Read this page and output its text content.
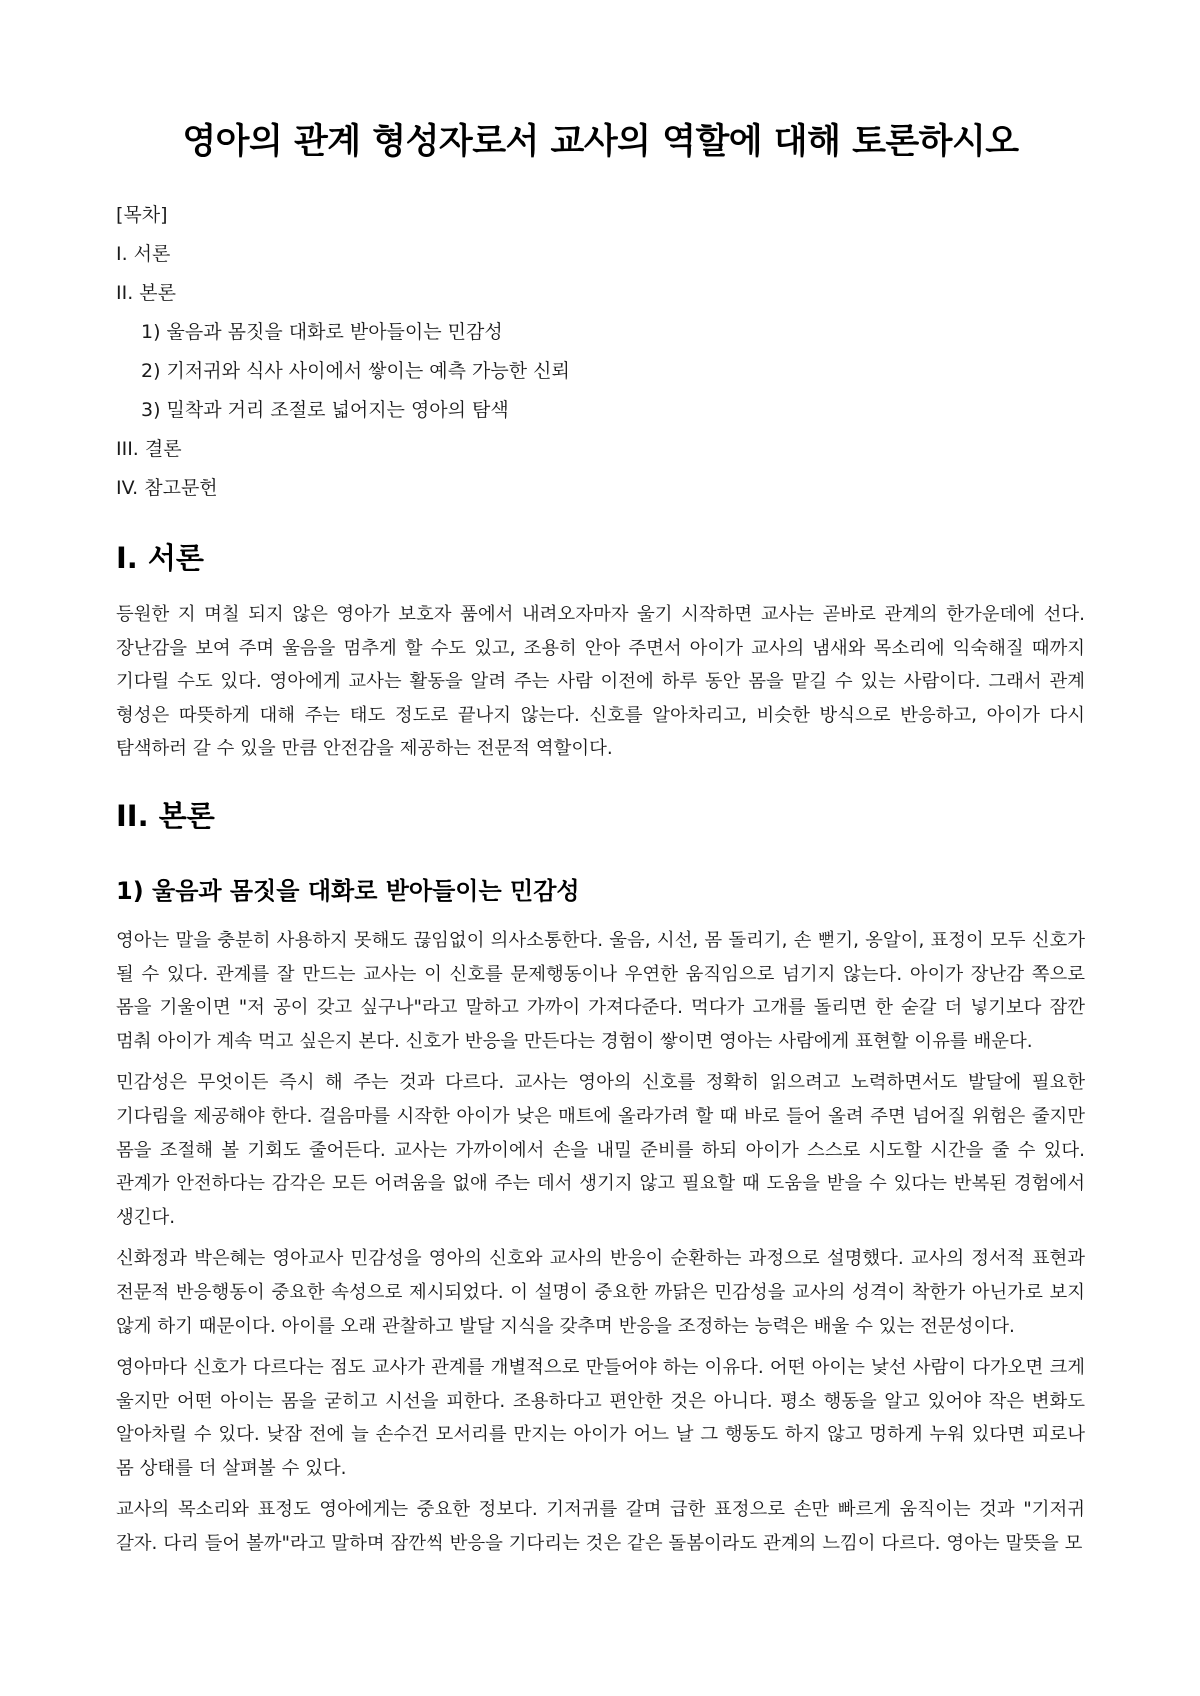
영아의 관계 형성자로서 교사의 역할에 대해 토론하시오
[목차]
I. 서론
II. 본론
1) 울음과 몸짓을 대화로 받아들이는 민감성
2) 기저귀와 식사 사이에서 쌓이는 예측 가능한 신뢰
3) 밀착과 거리 조절로 넓어지는 영아의 탐색
III. 결론
IV. 참고문헌
I. 서론

등원한 지 며칠 되지 않은 영아가 보호자 품에서 내려오자마자 울기 시작하면 교사는 곧바로 관계의 한가운데에 선다. 장난감을 보여 주며 울음을 멈추게 할 수도 있고, 조용히 안아 주면서 아이가 교사의 냄새와 목소리에 익숙해질 때까지 기다릴 수도 있다. 영아에게 교사는 활동을 알려 주는 사람 이전에 하루 동안 몸을 맡길 수 있는 사람이다. 그래서 관계 형성은 따뜻하게 대해 주는 태도 정도로 끝나지 않는다. 신호를 알아차리고, 비슷한 방식으로 반응하고, 아이가 다시 탐색하러 갈 수 있을 만큼 안전감을 제공하는 전문적 역할이다.

II. 본론
1) 울음과 몸짓을 대화로 받아들이는 민감성

영아는 말을 충분히 사용하지 못해도 끊임없이 의사소통한다. 울음, 시선, 몸 돌리기, 손 뻗기, 옹알이, 표정이 모두 신호가 될 수 있다. 관계를 잘 만드는 교사는 이 신호를 문제행동이나 우연한 움직임으로 넘기지 않는다. 아이가 장난감 쪽으로 몸을 기울이면 "저 공이 갖고 싶구나"라고 말하고 가까이 가져다준다. 먹다가 고개를 돌리면 한 숟갈 더 넣기보다 잠깐 멈춰 아이가 계속 먹고 싶은지 본다. 신호가 반응을 만든다는 경험이 쌓이면 영아는 사람에게 표현할 이유를 배운다.

민감성은 무엇이든 즉시 해 주는 것과 다르다. 교사는 영아의 신호를 정확히 읽으려고 노력하면서도 발달에 필요한 기다림을 제공해야 한다. 걸음마를 시작한 아이가 낮은 매트에 올라가려 할 때 바로 들어 올려 주면 넘어질 위험은 줄지만 몸을 조절해 볼 기회도 줄어든다. 교사는 가까이에서 손을 내밀 준비를 하되 아이가 스스로 시도할 시간을 줄 수 있다. 관계가 안전하다는 감각은 모든 어려움을 없애 주는 데서 생기지 않고 필요할 때 도움을 받을 수 있다는 반복된 경험에서 생긴다.

신화정과 박은혜는 영아교사 민감성을 영아의 신호와 교사의 반응이 순환하는 과정으로 설명했다. 교사의 정서적 표현과 전문적 반응행동이 중요한 속성으로 제시되었다. 이 설명이 중요한 까닭은 민감성을 교사의 성격이 착한가 아닌가로 보지 않게 하기 때문이다. 아이를 오래 관찰하고 발달 지식을 갖추며 반응을 조정하는 능력은 배울 수 있는 전문성이다.

영아마다 신호가 다르다는 점도 교사가 관계를 개별적으로 만들어야 하는 이유다. 어떤 아이는 낯선 사람이 다가오면 크게 울지만 어떤 아이는 몸을 굳히고 시선을 피한다. 조용하다고 편안한 것은 아니다. 평소 행동을 알고 있어야 작은 변화도 알아차릴 수 있다. 낮잠 전에 늘 손수건 모서리를 만지는 아이가 어느 날 그 행동도 하지 않고 멍하게 누워 있다면 피로나 몸 상태를 더 살펴볼 수 있다.

교사의 목소리와 표정도 영아에게는 중요한 정보다. 기저귀를 갈며 급한 표정으로 손만 빠르게 움직이는 것과 "기저귀 갈자. 다리 들어 볼까"라고 말하며 잠깐씩 반응을 기다리는 것은 같은 돌봄이라도 관계의 느낌이 다르다. 영아는 말뜻을 모
